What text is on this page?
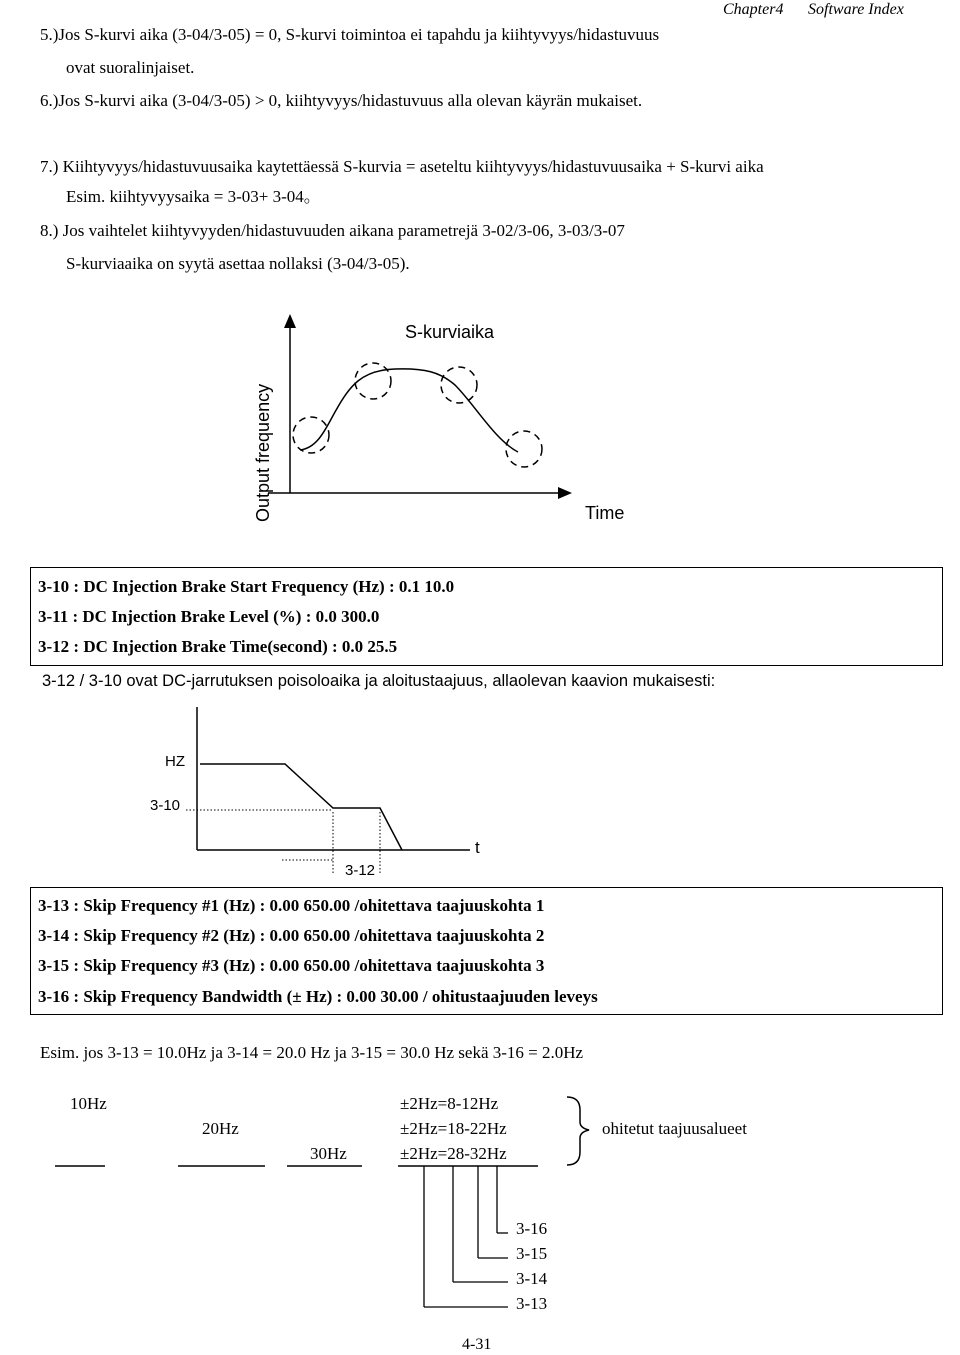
Chapter4 Software Index
5.)Jos S-kurvi aika (3-04/3-05) = 0, S-kurvi toimintoa ei tapahdu ja kiihtyvyys/hidastuvuus
ovat suoralinjaiset.
6.)Jos S-kurvi aika (3-04/3-05) > 0, kiihtyvyys/hidastuvuus alla olevan käyrän mukaiset.
7.) Kiihtyvyys/hidastuvuusaika kaytettäessä S-kurvia = aseteltu kiihtyvyys/hidastuvuusaika + S-kurvi aika
Esim. kiihtyvyysaika = 3-03+ 3-04。
8.) Jos vaihtelet kiihtyvyyden/hidastuvuuden aikana parametrejä 3-02/3-06, 3-03/3-07
S-kurviaaika on syytä asettaa nollaksi (3-04/3-05).
S-kurviaika
Output frequency	Time
3-10 : DC Injection Brake Start Frequency (Hz) : 0.1 10.0
3-11 : DC Injection Brake Level (%) : 0.0 300.0
3-12 : DC Injection Brake Time(second) : 0.0 25.5
3-12 / 3-10 ovat DC-jarrutuksen poisoloaika ja aloitustaajuus, allaolevan kaavion mukaisesti:
HZ
3-10
3-12
t
3-13 : Skip Frequency #1 (Hz) : 0.00 650.00 /ohitettava taajuuskohta 1
3-14 : Skip Frequency #2 (Hz) : 0.00 650.00 /ohitettava taajuuskohta 2
3-15 : Skip Frequency #3 (Hz) : 0.00 650.00 /ohitettava taajuuskohta 3
3-16 : Skip Frequency Bandwidth (± Hz) : 0.00 30.00 / ohitustaajuuden leveys
Esim. jos 3-13 = 10.0Hz ja 3-14 = 20.0 Hz ja 3-15 = 30.0 Hz sekä 3-16 = 2.0Hz
10Hz
20Hz
30Hz
±2Hz=8-12Hz
±2Hz=18-22Hz
±2Hz=28-32Hz
ohitetut taajuusalueet
3-16
3-15
3-14
3-13
4-31
